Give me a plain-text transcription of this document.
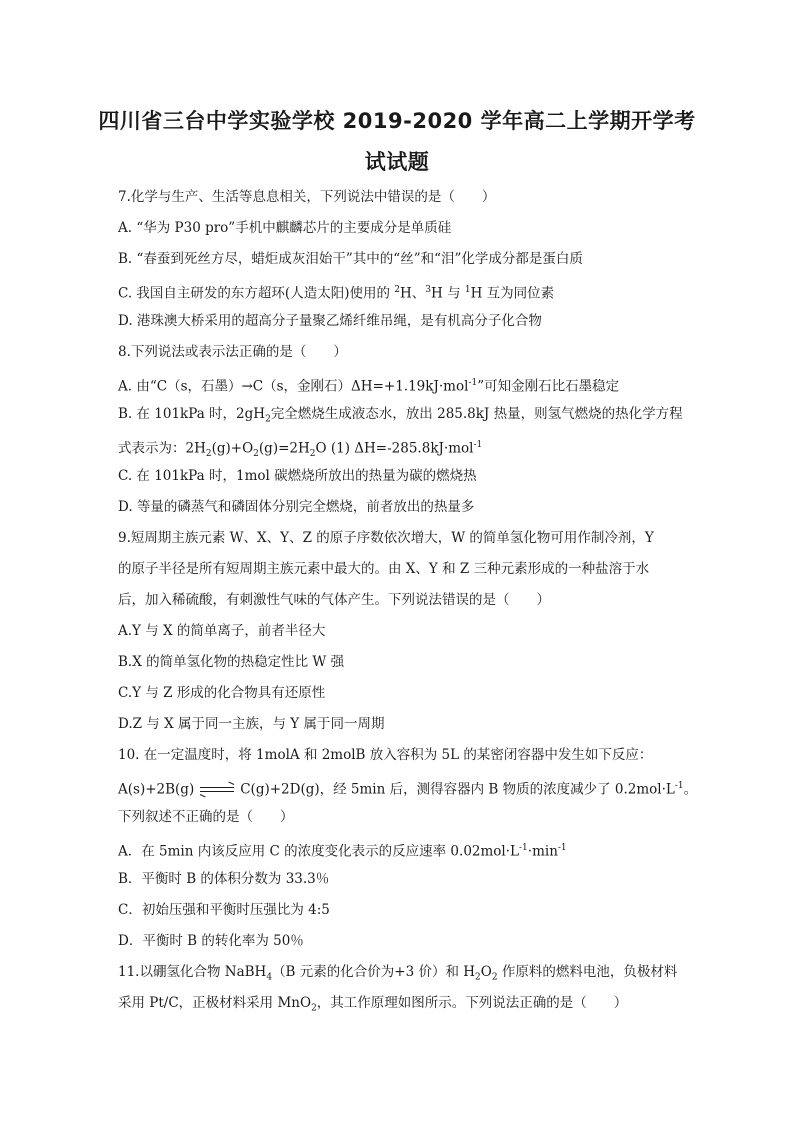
四川省三台中学实验学校 2019-2020 学年高二上学期开学考
试试题
7.化学与生产、生活等息息相关，下列说法中错误的是（　　）
A. “华为 P30 pro”手机中麒麟芯片的主要成分是单质硅
B. “春蚕到死丝方尽，蜡炬成灰泪始干”其中的“丝”和“泪”化学成分都是蛋白质
C. 我国自主研发的东方超环(人造太阳)使用的 $^2$H、$^3$H 与 $^1$H 互为同位素
D. 港珠澳大桥采用的超高分子量聚乙烯纤维吊绳，是有机高分子化合物
8.下列说法或表示法正确的是（　　）
A. 由“C（s，石墨）→C（s，金刚石）ΔH=+1.19kJ·mol$^{-1}$”可知金刚石比石墨稳定
B. 在 101kPa 时，$2gH_2$完全燃烧生成液态水，放出 285.8kJ 热量，则氢气燃烧的热化学方程
式表示为：$2H_2(g)+O_2(g)=2H_2O$ (1) ΔH=-285.8kJ·mol$^{-1}$
C. 在 101kPa 时，1mol 碳燃烧所放出的热量为碳的燃烧热
D. 等量的磷蒸气和磷固体分别完全燃烧，前者放出的热量多
9.短周期主族元素 W、X、Y、Z 的原子序数依次增大，W 的简单氢化物可用作制冷剂，Y
的原子半径是所有短周期主族元素中最大的。由 X、Y 和 Z 三种元素形成的一种盐溶于水
后，加入稀硫酸，有刺激性气味的气体产生。下列说法错误的是（　　）
A.Y 与 X 的简单离子，前者半径大
B.X 的简单氢化物的热稳定性比 W 强
C.Y 与 Z 形成的化合物具有还原性
D.Z 与 X 属于同一主族，与 Y 属于同一周期
10. 在一定温度时，将 1molA 和 2molB 放入容积为 5L 的某密闭容器中发生如下反应：
A(s)+2B(g)	C(g)+2D(g)，经 5min 后，测得容器内 B 物质的浓度减少了 $0.2mol\cdot L^{-1}$。
下列叙述不正确的是（　　）
A．在 5min 内该反应用 C 的浓度变化表示的反应速率 $0.02mol\cdot L^{-1}\cdot\min^{-1}$
B．平衡时 B 的体积分数为 33.3％
C．初始压强和平衡时压强比为 4:5
D．平衡时 B 的转化率为 50％
11.以硼氢化合物 NaBH$_4$（B 元素的化合价为+3 价）和 $H_2O_2$ 作原料的燃料电池，负极材料
采用 Pt/C，正极材料采用 MnO$_2$，其工作原理如图所示。下列说法正确的是（　　）
